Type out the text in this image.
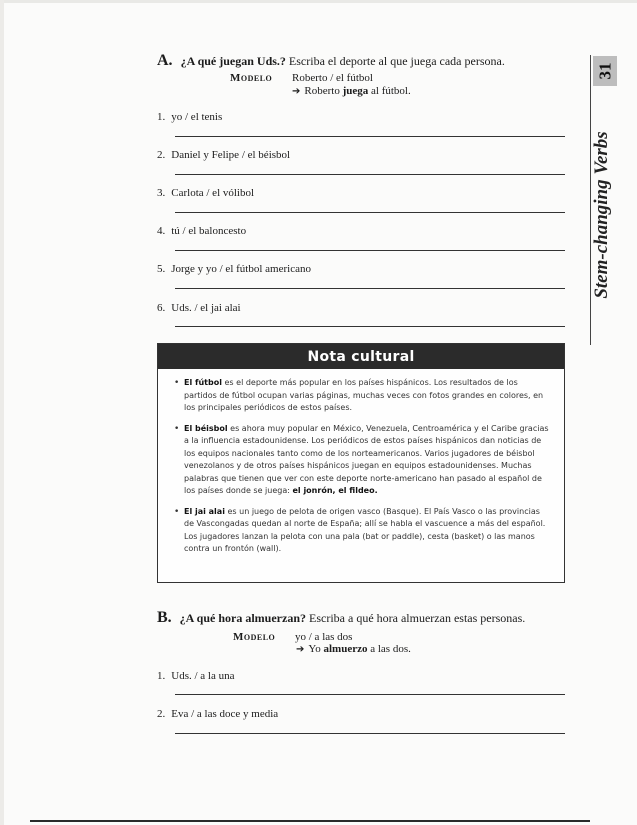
31
Stem-changing Verbs
A. ¿A qué juegan Uds.? Escriba el deporte al que juega cada persona.
Modelo Roberto / el fútbol
➔ Roberto juega al fútbol.
1. yo / el tenis
2. Daniel y Felipe / el béisbol
3. Carlota / el vólibol
4. tú / el baloncesto
5. Jorge y yo / el fútbol americano
6. Uds. / el jai alai
Nota cultural
• El fútbol es el deporte más popular en los países hispánicos. Los resultados de los partidos de fútbol ocupan varias páginas, muchas veces con fotos grandes en colores, en los principales periódicos de estos países.
• El béisbol es ahora muy popular en México, Venezuela, Centroamérica y el Caribe gracias a la influencia estadounidense. Los periódicos de estos países hispánicos dan noticias de los equipos nacionales tanto como de los norteamericanos. Varios jugadores de béisbol venezolanos y de otros países hispánicos juegan en equipos estadounidenses. Muchas palabras que tienen que ver con este deporte norte-americano han pasado al español de los países donde se juega: el jonrón, el fildeo.
• El jai alai es un juego de pelota de origen vasco (Basque). El País Vasco o las provincias de Vascongadas quedan al norte de España; allí se habla el vascuence a más del español. Los jugadores lanzan la pelota con una pala (bat or paddle), cesta (basket) o las manos contra un frontón (wall).
B. ¿A qué hora almuerzan? Escriba a qué hora almuerzan estas personas.
Modelo yo / a las dos
➔ Yo almuerzo a las dos.
1. Uds. / a la una
2. Eva / a las doce y media
